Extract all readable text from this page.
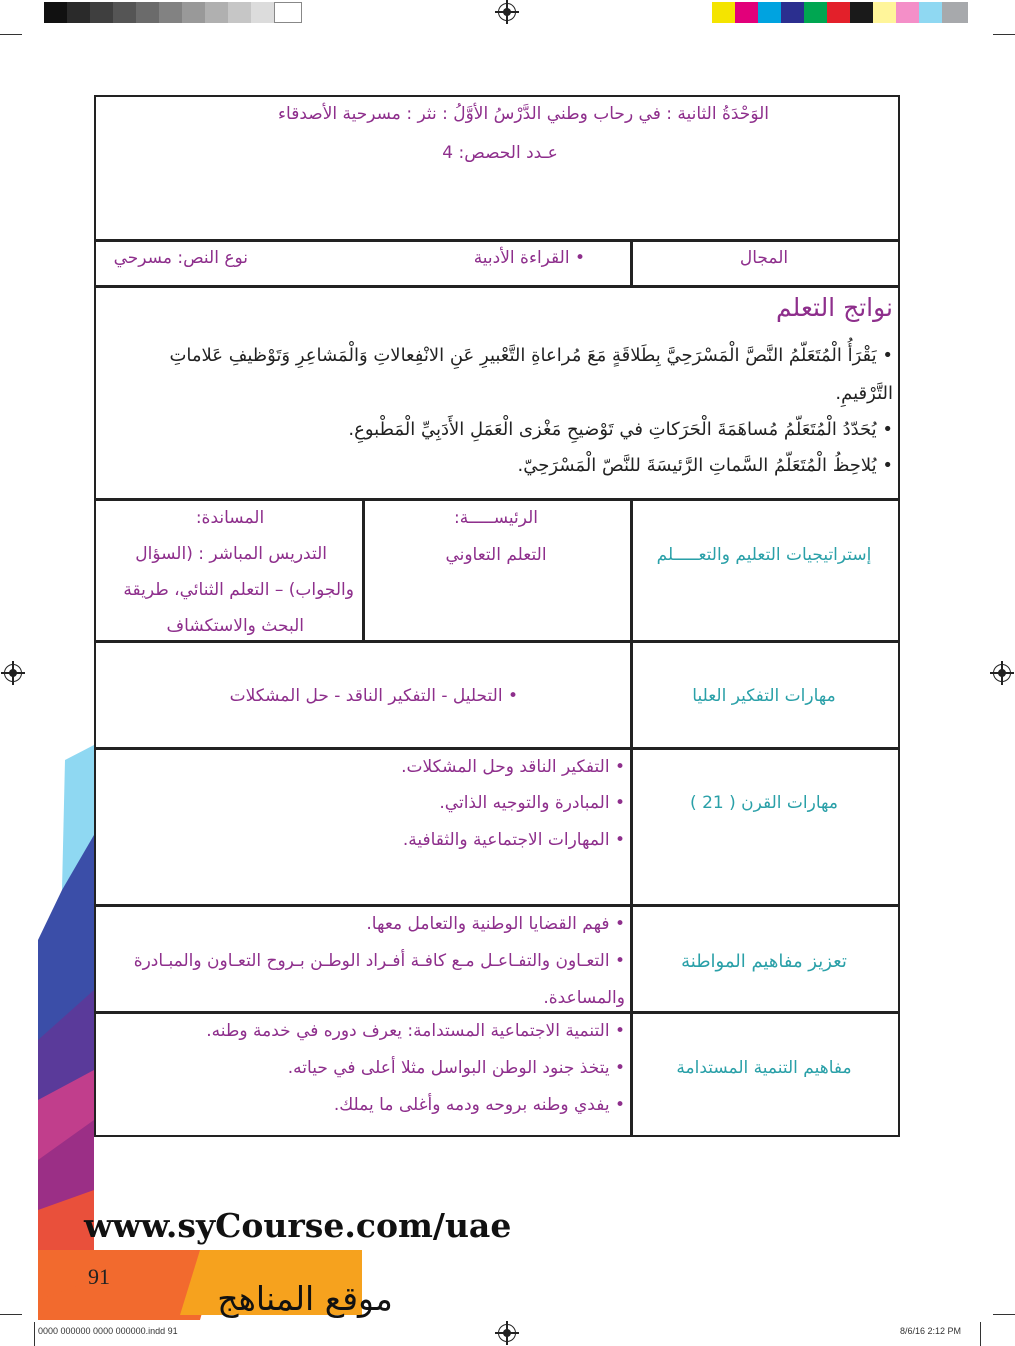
الوَحْدَةُ الثانية : في رحاب وطني الدَّرْسُ الأوَّلُ : نثر : مسرحية الأصدقاء
عـدد الحصص: 4
المجال
• القراءة الأدبية
نوع النص: مسرحي
نواتج التعلم
• يَقْرَأُ الْمُتَعَلّمُ النَّصَّ الْمَسْرَحِيَّ بِطَلاقَةٍ مَعَ مُراعاةِ التَّعْبيرِ عَنِ الانْفِعالاتِ وَالْمَشاعِرِ وَتَوْظيفِ عَلاماتِ
التَّرْقيمِ.
• يُحَدّدُ الْمُتَعَلّمُ مُساهَمَةَ الْحَرَكاتِ في تَوْضيحِ مَغْزى الْعَمَلِ الأَدَبِيِّ الْمَطْبوعِ.
• يُلاحِظُ الْمُتَعَلّمُ السَّماتِ الرَّئيسَةَ للنَّصّ الْمَسْرَحِيّ.
إستراتيجيات التعليم والتعـــــلم
الرئيســـــة:
التعلم التعاوني
المساندة:
التدريس المباشر : (السؤال
والجواب) – التعلم الثنائي، طريقة
البحث والاستكشاف
مهارات التفكير العليا
• التحليل - التفكير الناقد - حل المشكلات
مهارات القرن ( 21 )
• التفكير الناقد وحل المشكلات.
• المبادرة والتوجيه الذاتي.
• المهارات الاجتماعية والثقافية.
تعزيز مفاهيم المواطنة
• فهم القضايا الوطنية والتعامل معها.
• التعـاون والتفـاعـل مـع كافـة أفـراد الوطـن بـروح التعـاون والمبـادرة
والمساعدة.
مفاهيم التنمية المستدامة
• التنمية الاجتماعية المستدامة: يعرف دوره في خدمة وطنه.
• يتخذ جنود الوطن البواسل مثلا أعلى في حياته.
• يفدي وطنه بروحه ودمه وأغلى ما يملك.
www.syCourse.com/uae
91
موقع المناهج
0000 000000 0000 000000.indd 91	8/6/16 2:12 PM
